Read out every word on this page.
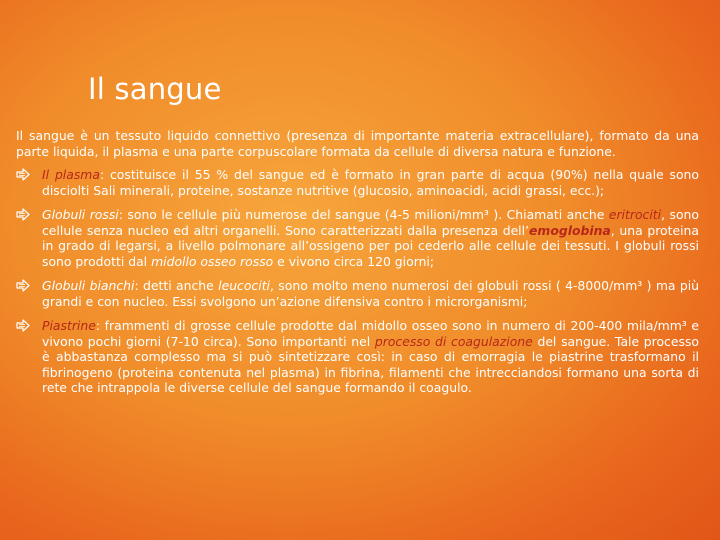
Il sangue

Il sangue è un tessuto liquido connettivo (presenza di importante materia extracellulare), formato da una parte liquida, il plasma e una parte corpuscolare formata da cellule di diversa natura e funzione.

Il plasma: costituisce il 55 % del sangue ed è formato in gran parte di acqua (90%) nella quale sono disciolti Sali minerali, proteine, sostanze nutritive (glucosio, aminoacidi, acidi grassi, ecc.);
Globuli rossi: sono le cellule più numerose del sangue (4-5 milioni/mm³ ). Chiamati anche eritrociti, sono cellule senza nucleo ed altri organelli. Sono caratterizzati dalla presenza dell’emoglobina, una proteina in grado di legarsi, a livello polmonare all’ossigeno per poi cederlo alle cellule dei tessuti. I globuli rossi sono prodotti dal midollo osseo rosso e vivono circa 120 giorni;
Globuli bianchi: detti anche leucociti, sono molto meno numerosi dei globuli rossi ( 4-8000/mm³ ) ma più grandi e con nucleo. Essi svolgono un’azione difensiva contro i microrganismi;
Piastrine: frammenti di grosse cellule prodotte dal midollo osseo sono in numero di 200-400 mila/mm³ e vivono pochi giorni (7-10 circa). Sono importanti nel processo di coagulazione del sangue. Tale processo è abbastanza complesso ma si può sintetizzare così: in caso di emorragia le piastrine trasformano il fibrinogeno (proteina contenuta nel plasma) in fibrina, filamenti che intrecciandosi formano una sorta di rete che intrappola le diverse cellule del sangue formando il coagulo.
